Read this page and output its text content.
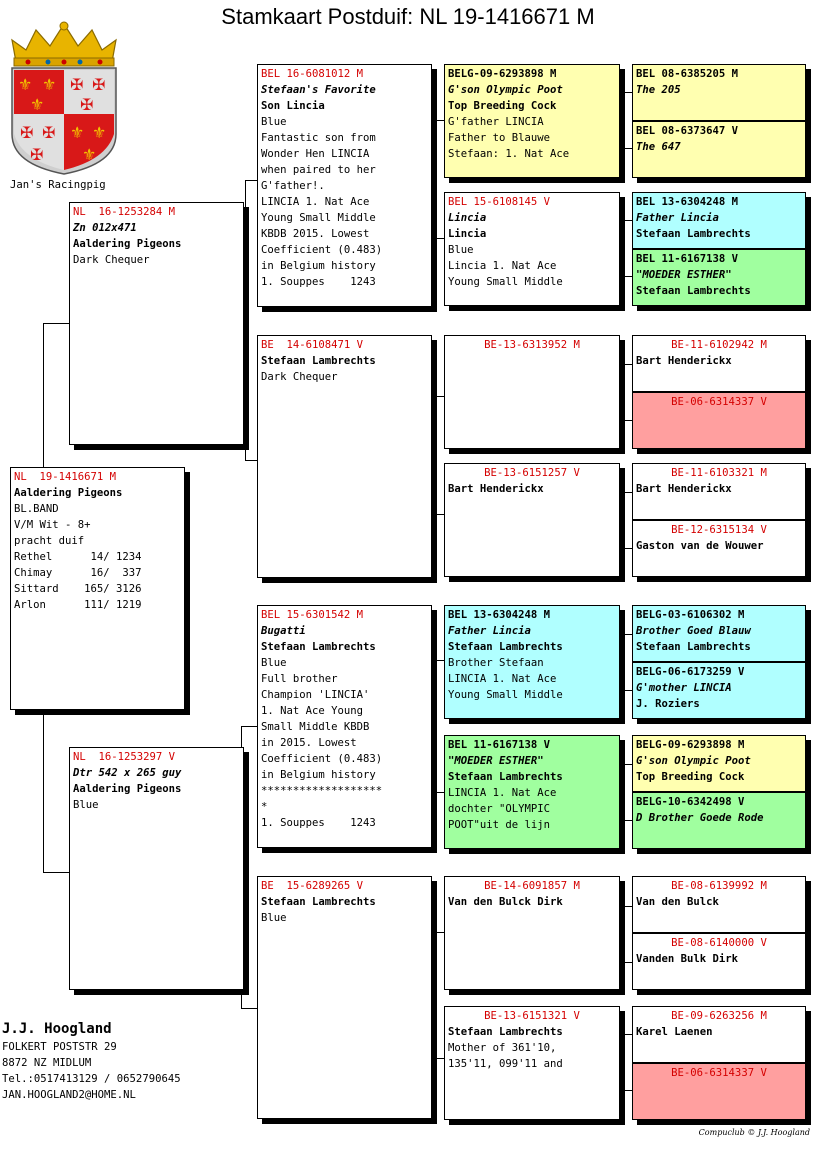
Stamkaart Postduif: NL 19-1416671 M
⚜ ⚜
⚜
⚜ ⚜
⚜
✠ ✠
✠
✠ ✠
✠
Jan's Racingpig
NL  19-1416671 M
Aaldering Pigeons
BL.BAND
V/M Wit - 8+
pracht duif
Rethel      14/ 1234
Chimay      16/  337
Sittard    165/ 3126
Arlon      111/ 1219
NL  16-1253284 M
Zn 012x471
Aaldering Pigeons
Dark Chequer
NL  16-1253297 V
Dtr 542 x 265 guy
Aaldering Pigeons
Blue
BEL 16-6081012 M
Stefaan's Favorite
Son Lincia
Blue
Fantastic son from
Wonder Hen LINCIA
when paired to her
G'father!.
LINCIA 1. Nat Ace
Young Small Middle
KBDB 2015. Lowest
Coefficient (0.483)
in Belgium history
1. Souppes    1243
BE  14-6108471 V
Stefaan Lambrechts
Dark Chequer
BEL 15-6301542 M
Bugatti
Stefaan Lambrechts
Blue
Full brother
Champion 'LINCIA'
1. Nat Ace Young
Small Middle KBDB
in 2015. Lowest
Coefficient (0.483)
in Belgium history
*******************
*
1. Souppes    1243
BE  15-6289265 V
Stefaan Lambrechts
Blue
BELG-09-6293898 M
G'son Olympic Poot
Top Breeding Cock
G'father LINCIA
Father to Blauwe
Stefaan: 1. Nat Ace
BEL 15-6108145 V
Lincia
Lincia
Blue
Lincia 1. Nat Ace
Young Small Middle
BE-13-6313952 M
BE-13-6151257 V
Bart Henderickx
BEL 13-6304248 M
Father Lincia
Stefaan Lambrechts
Brother Stefaan
LINCIA 1. Nat Ace
Young Small Middle
BEL 11-6167138 V
"MOEDER ESTHER"
Stefaan Lambrechts
LINCIA 1. Nat Ace
dochter "OLYMPIC
POOT"uit de lijn
BE-14-6091857 M
Van den Bulck Dirk
BE-13-6151321 V
Stefaan Lambrechts
Mother of 361'10,
135'11, 099'11 and
BEL 08-6385205 M
The 205
BEL 08-6373647 V
The 647
BEL 13-6304248 M
Father Lincia
Stefaan Lambrechts
BEL 11-6167138 V
"MOEDER ESTHER"
Stefaan Lambrechts
BE-11-6102942 M
Bart Henderickx
BE-06-6314337 V
BE-11-6103321 M
Bart Henderickx
BE-12-6315134 V
Gaston van de Wouwer
BELG-03-6106302 M
Brother Goed Blauw
Stefaan Lambrechts
BELG-06-6173259 V
G'mother LINCIA
J. Roziers
BELG-09-6293898 M
G'son Olympic Poot
Top Breeding Cock
BELG-10-6342498 V
D Brother Goede Rode
BE-08-6139992 M
Van den Bulck
BE-08-6140000 V
Vanden Bulk Dirk
BE-09-6263256 M
Karel Laenen
BE-06-6314337 V
J.J. Hoogland
FOLKERT POSTSTR 29
8872 NZ MIDLUM
Tel.:0517413129 / 0652790645
JAN.HOOGLAND2@HOME.NL
Compuclub © J.J. Hoogland
